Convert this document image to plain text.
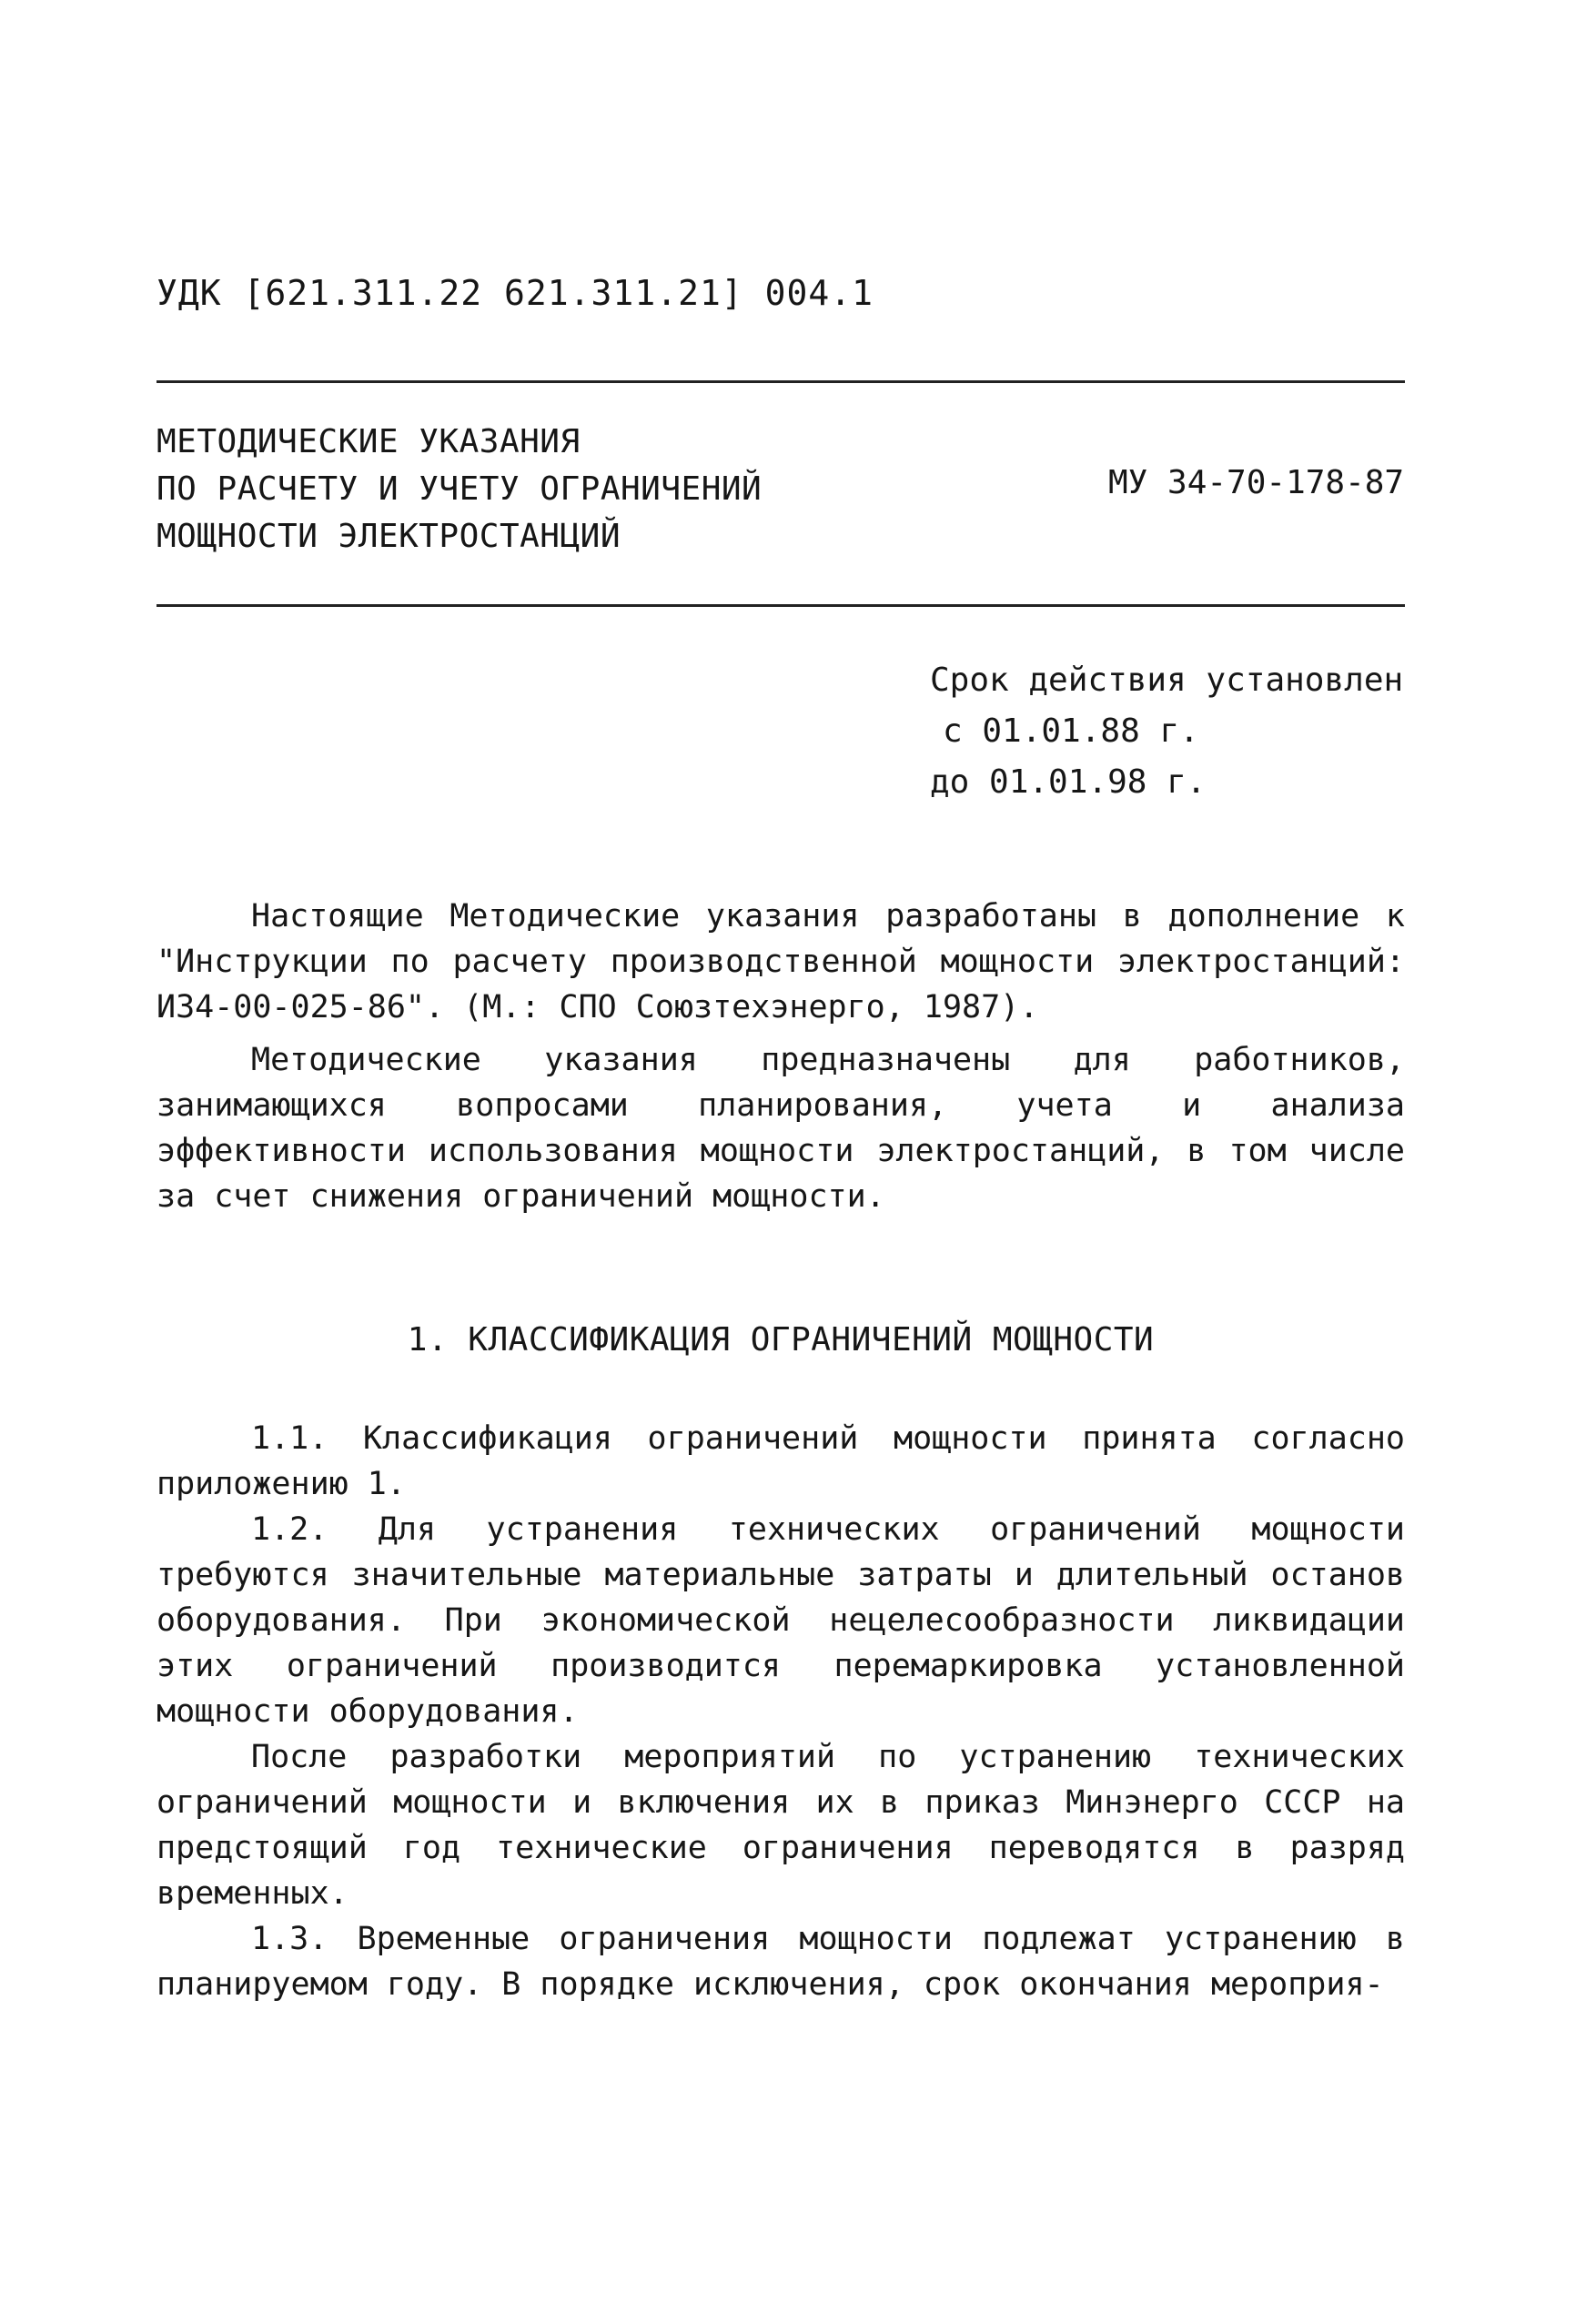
УДК [621.311.22 621.311.21] 004.1
МЕТОДИЧЕСКИЕ УКАЗАНИЯ
ПО РАСЧЕТУ И УЧЕТУ ОГРАНИЧЕНИЙ
МОЩНОСТИ ЭЛЕКТРОСТАНЦИЙ
МУ 34-70-178-87
Срок действия установлен
с 01.01.88 г.
до 01.01.98 г.

Настоящие Методические указания разработаны в дополнение к "Инструкции по расчету производственной мощности электростанций: И34-00-025-86". (М.: СПО Союзтехэнерго, 1987).

Методические указания предназначены для работников, занимающихся вопросами планирования, учета и анализа эффективности использования мощности электростанций, в том числе за счет снижения ограничений мощности.

1. КЛАССИФИКАЦИЯ ОГРАНИЧЕНИЙ МОЩНОСТИ

1.1. Классификация ограничений мощности принята согласно приложению 1.

1.2. Для устранения технических ограничений мощности требуются значительные материальные затраты и длительный останов оборудования. При экономической нецелесообразности ликвидации этих ограничений производится перемаркировка установленной мощности оборудования.

После разработки мероприятий по устранению технических ограничений мощности и включения их в приказ Минэнерго СССР на предстоящий год технические ограничения переводятся в разряд временных.

1.3. Временные ограничения мощности подлежат устранению в планируемом году. В порядке исключения, срок окончания мероприя-
